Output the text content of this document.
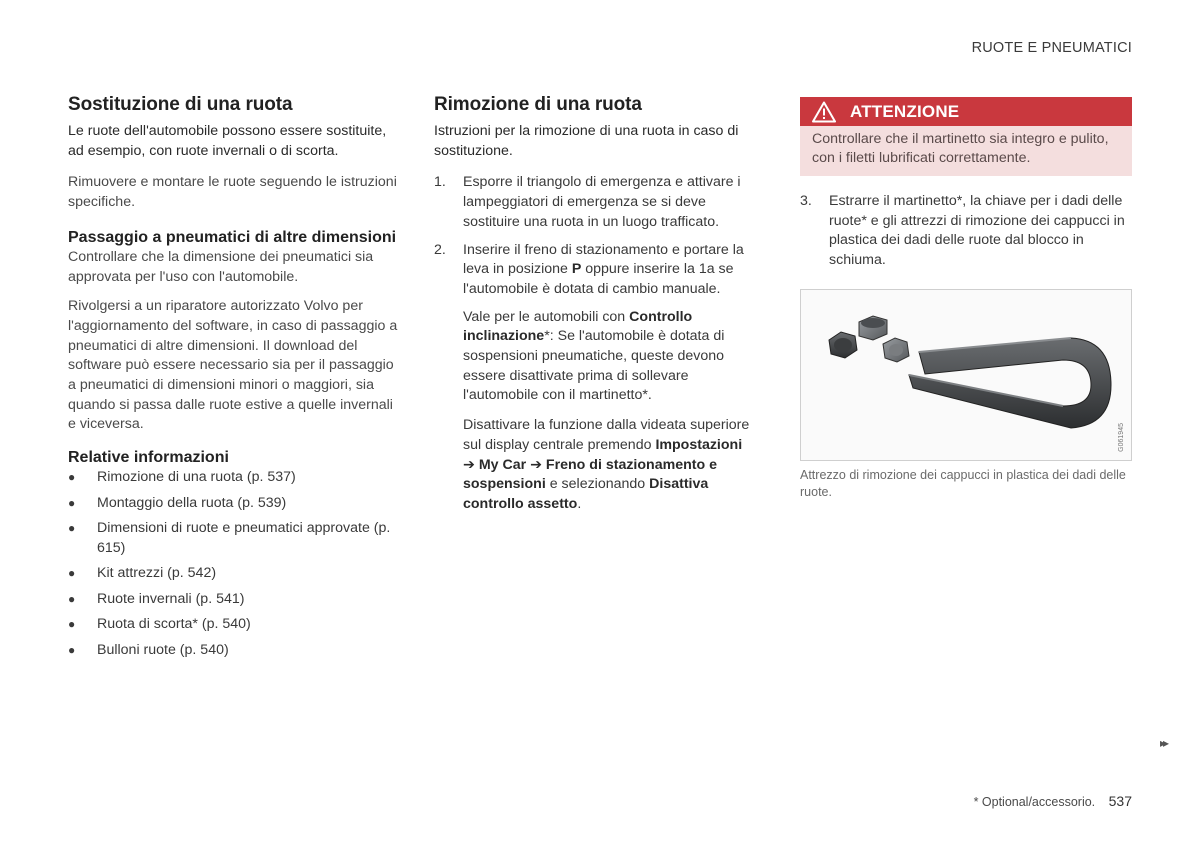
RUOTE E PNEUMATICI
Sostituzione di una ruota

Le ruote dell'automobile possono essere sostituite, ad esempio, con ruote invernali o di scorta.

Rimuovere e montare le ruote seguendo le istruzioni specifiche.

Passaggio a pneumatici di altre dimensioni

Controllare che la dimensione dei pneumatici sia approvata per l'uso con l'automobile.

Rivolgersi a un riparatore autorizzato Volvo per l'aggiornamento del software, in caso di passaggio a pneumatici di altre dimensioni. Il download del software può essere necessario sia per il passaggio a pneumatici di dimensioni minori o maggiori, sia quando si passa dalle ruote estive a quelle invernali e viceversa.

Relative informazioni
● Rimozione di una ruota (p. 537)
● Montaggio della ruota (p. 539)
● Dimensioni di ruote e pneumatici approvate (p. 615)
● Kit attrezzi (p. 542)
● Ruote invernali (p. 541)
● Ruota di scorta* (p. 540)
● Bulloni ruote (p. 540)
Rimozione di una ruota

Istruzioni per la rimozione di una ruota in caso di sostituzione.

1. Esporre il triangolo di emergenza e attivare i lampeggiatori di emergenza se si deve sostituire una ruota in un luogo trafficato.
2. Inserire il freno di stazionamento e portare la leva in posizione P oppure inserire la 1a se l'automobile è dotata di cambio manuale.

Vale per le automobili con Controllo inclinazione*: Se l'automobile è dotata di sospensioni pneumatiche, queste devono essere disattivate prima di sollevare l'automobile con il martinetto*.

Disattivare la funzione dalla videata superiore sul display centrale premendo Impostazioni
➔ My Car ➔ Freno di stazionamento e sospensioni e selezionando Disattiva controllo assetto.

ATTENZIONE
Controllare che il martinetto sia integro e pulito, con i filetti lubrificati correttamente.
3. Estrarre il martinetto*, la chiave per i dadi delle ruote* e gli attrezzi di rimozione dei cappucci in plastica dei dadi delle ruote dal blocco in schiuma.
G061945
Attrezzo di rimozione dei cappucci in plastica dei dadi delle ruote.
▸▸
* Optional/accessorio. 537
